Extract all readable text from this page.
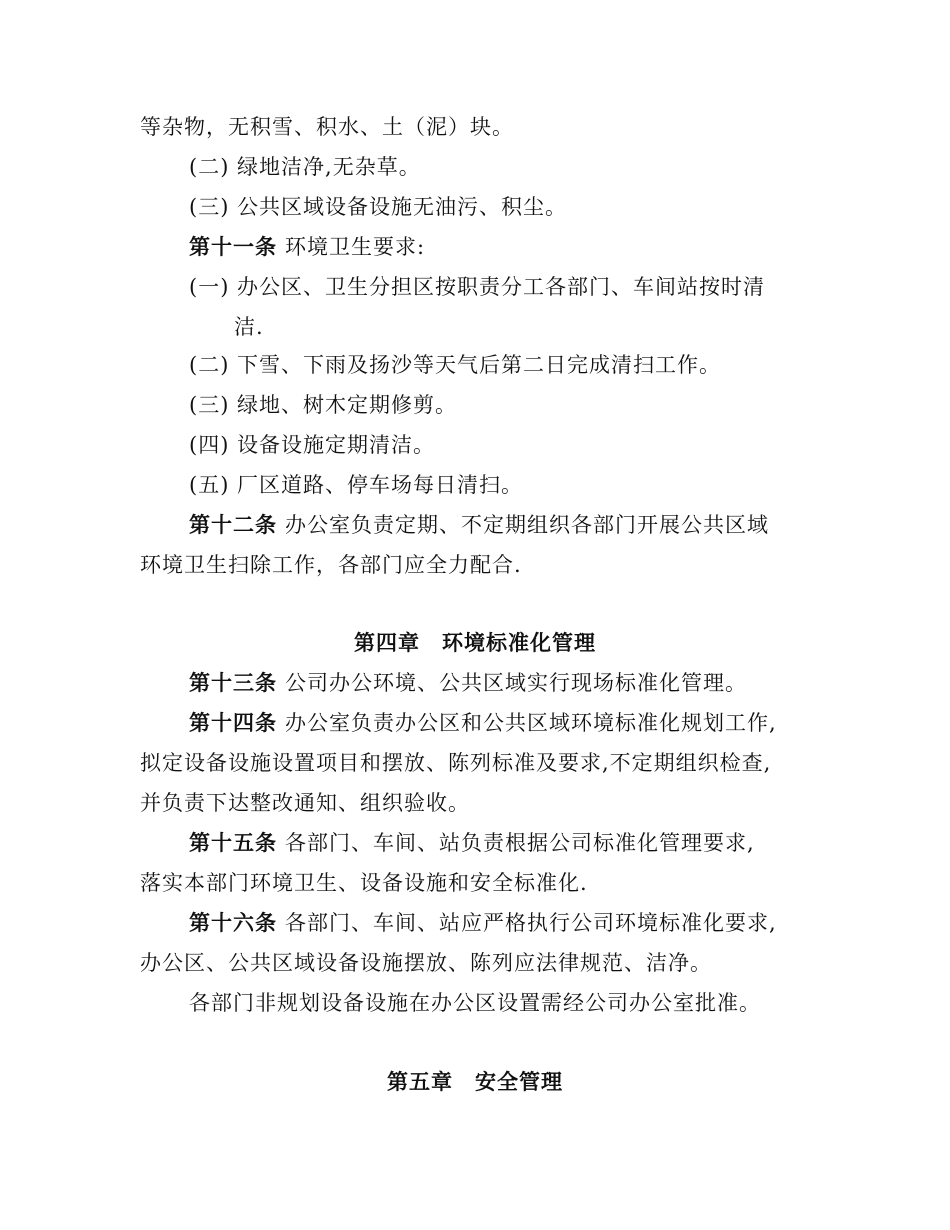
等杂物，无积雪、积水、土（泥）块。
(二) 绿地洁净,无杂草。
(三) 公共区域设备设施无油污、积尘。
第十一条 环境卫生要求:
(一) 办公区、卫生分担区按职责分工各部门、车间站按时清
洁.
(二) 下雪、下雨及扬沙等天气后第二日完成清扫工作。
(三) 绿地、树木定期修剪。
(四) 设备设施定期清洁。
(五) 厂区道路、停车场每日清扫。
第十二条 办公室负责定期、不定期组织各部门开展公共区域
环境卫生扫除工作，各部门应全力配合.
第四章 环境标准化管理
第十三条 公司办公环境、公共区域实行现场标准化管理。
第十四条 办公室负责办公区和公共区域环境标准化规划工作,
拟定设备设施设置项目和摆放、陈列标准及要求,不定期组织检查,
并负责下达整改通知、组织验收。
第十五条 各部门、车间、站负责根据公司标准化管理要求,
落实本部门环境卫生、设备设施和安全标准化.
第十六条 各部门、车间、站应严格执行公司环境标准化要求,
办公区、公共区域设备设施摆放、陈列应法律规范、洁净。
各部门非规划设备设施在办公区设置需经公司办公室批准。
第五章 安全管理
